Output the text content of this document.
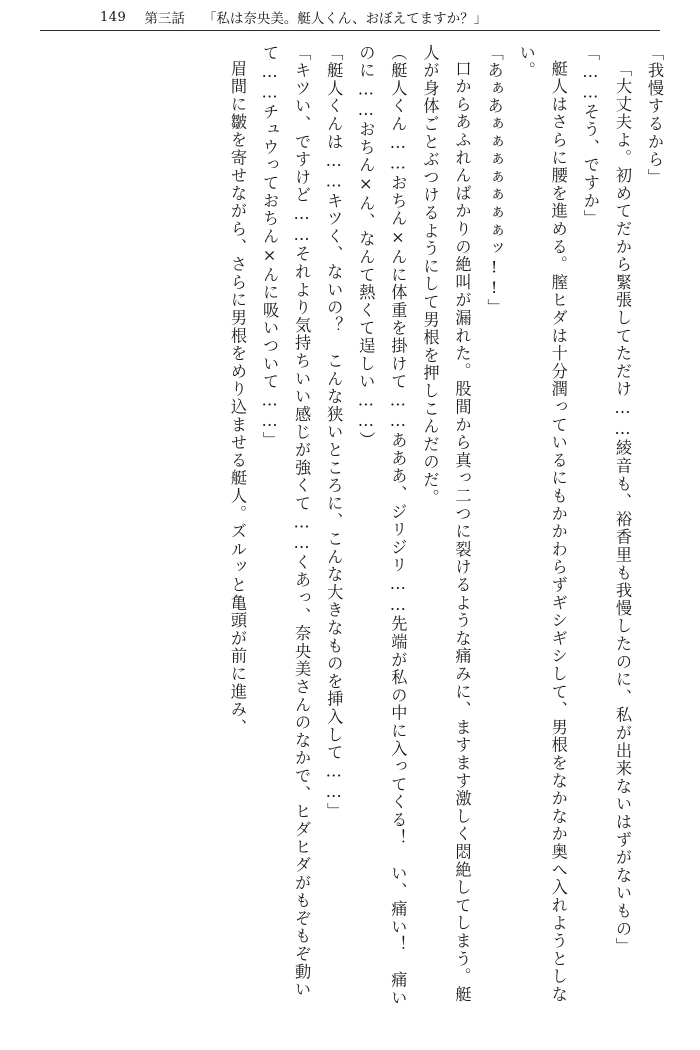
149 第三話 「私は奈央美。艇人くん、おぼえてますか？」

「我慢するから」

「大丈夫よ。初めてだから緊張してただけ……綾音も、裕香里も我慢したのに、私が出来ないはずがないもの」

「……そう、ですか」

艇人はさらに腰を進める。膣ヒダは十分潤っているにもかかわらずギシギシして、男根をなかなか奥へ入れようとしない。

「あぁあぁぁぁぁぁぁぁッ!!」

口からあふれんばかりの絶叫が漏れた。股間から真っ二つに裂けるような痛みに、ますます激しく悶絶してしまう。艇人が身体ごとぶつけるようにして男根を押しこんだのだ。

（艇人くん……おちん×んに体重を掛けて……あああ、ジリジリ……先端が私の中に入ってくる！　い、痛い！　痛いのに……おちん×ん、なんて熱くて逞しい……）

「艇人くんは……キツく、ないの？　こんな狭いところに、こんな大きなものを挿入して……」

「キツい、ですけど……それより気持ちいい感じが強くて……くあっ、奈央美さんのなかで、ヒダヒダがもぞもぞ動いて……チュウっておちん×んに吸いついて……」

眉間に皺を寄せながら、さらに男根をめり込ませる艇人。ズルッと亀頭が前に進み、
